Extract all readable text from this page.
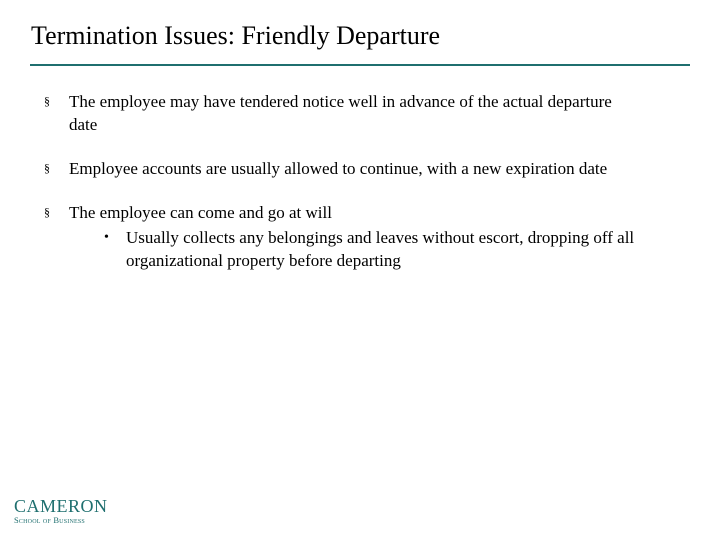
Termination Issues: Friendly Departure
§ The employee may have tendered notice well in advance of the actual departure date
§ Employee accounts are usually allowed to continue, with a new expiration date
§ The employee can come and go at will
• Usually collects any belongings and leaves without escort, dropping off all organizational property before departing
CAMERON
School of Business
